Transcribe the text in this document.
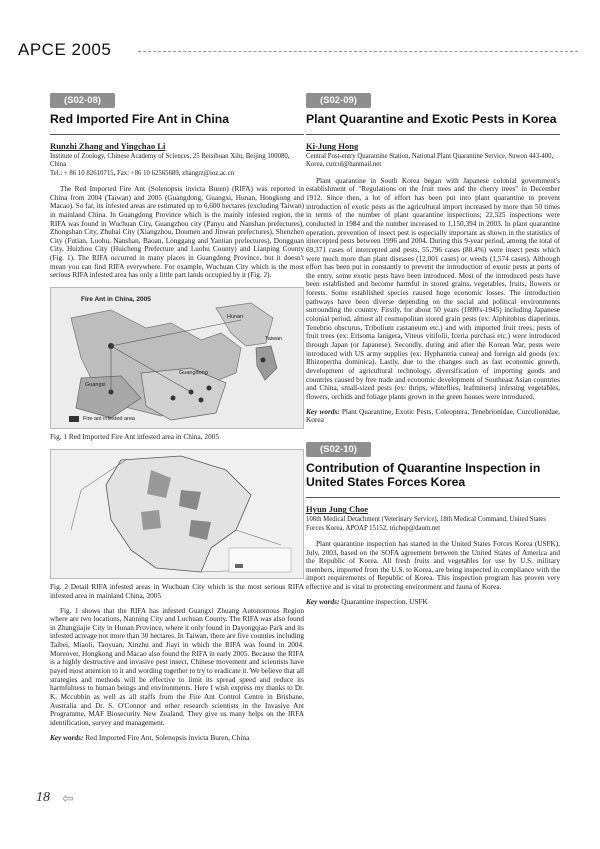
APCE 2005
(S02-08)
Red Imported Fire Ant in China
Runzhi Zhang and Yingchao Li
Institute of Zoology, Chinese Academy of Sciences, 25 Beisihuan Xilu, Beijing 100080, China
Tel.: + 86 10 82610715, Fax: +86 10 62565689, zhangrz@ioz.ac.cn

The Red Imported Fire Ant (Solenopsis invicta Buren) (RIFA) was reported in China from 2004 (Taiwan) and 2005 (Guangdong, Guangxi, Hunan, Hongkong and Macao). So far, its infested areas are estimated up to 6,600 hectares (excluding Taiwan) in mainland China. In Guangdong Province which is the mainly infested region, the RIFA was found in Wuchuan City, Guangzhou city (Panyu and Nanshan prefectures), Zhongshan City, Zhuhai City (Xiangzhou, Doumen and Jinwan prefectures), Shenzhen City (Futian, Luohu, Nanshan, Baoan, Longgang and Yantian prefectures), Dongguan City, Huizhou City (Huicheng Prefecture and Luohu County) and Lianping County (Fig. 1). The RIFA occurred in many places in Guangdong Province, but it doesn't mean you can find RIFA everywhere. For example, Wuchuan City which is the most serious RIFA infested area has only a little part lands occupied by it (Fig. 2).

Fire Ant in China, 2005
Hunan
Taiwan
Guangdong
Guangxi
Fire ant infested area

Fig. 1 Red Imported Fire Ant infested area in China, 2005

Fig. 2 Detail RIFA infested areas in Wuchuan City which is the most serious RIFA infested area in mainland China, 2005

Fig. 1 shows that the RIFA has infested Guangxi Zhuang Autonomous Region where are two locations, Nanning City and Luchuan County. The RIFA was also found in Zhangjiajie City in Hunan Province, where it only found in Dayongqiao Park and its infested acreage not more than 30 hectares. In Taiwan, there are five counties including Taibei, Miaoli, Taoyuan, Xinzhu and Jiayi in which the RIFA was found in 2004. Moreover, Hongkong and Macao also found the RIFA in early 2005. Because the RIFA is a highly destructive and invasive pest insect, Chinese movement and scientists have payed most attention to it and wording together to try to eradicate it. We believe that all strategies and methods will be effective to limit its spread speed and reduce its harmfulness to human beings and environments. Here I wish express my thanks to Dr. K. Mccubbin as well as all staffs from the Fire Ant Control Centre in Brisbane, Australia and Dr. S. O'Connor and other research scientists in the Invasive Ant Programme, MAF Biosecurity New Zealand. They give us many helps on the IRFA identification, survey and management.

Key words: Red Imported Fire Ant, Solenopsis invicta Buren, China

(S02-09)
Plant Quarantine and Exotic Pests in Korea
Ki-Jung Hong
Central Post-entry Quarantine Station, National Plant Quarantine Service, Suwon 443-400, Korea, curcul@hanmail.net

Plant quarantine in South Korea began with Japanese colonial government's establishment of "Regulations on the fruit trees and the cherry trees" in December 1912. Since then, a lot of effort has been put into plant quarantine to prevent introduction of exotic pests as the agricultural import increased by more than 50 times in terms of the number of plant quarantine inspections; 22,525 inspections were conducted in 1984 and the number increased to 1,150,394 in 2003. In plant quarantine operation, prevention of insect pest is especially important as shown in the statistics of intercepted pests between 1996 and 2004. During this 9-year period, among the total of 69,371 cases of intercepted and pests, 55,796 cases (80.4%) were insect pests which were much more than plant diseases (12,001 cases) or weeds (1,574 cases). Although effort has been put in constantly to prevent the introduction of exotic pests at ports of the entry, some exotic pests have been introduced. Most of the introduced pests have been established and become harmful in stored grains, vegetables, fruits, flowers or forests. Some established species caused huge economic losses. The introduction pathways have been diverse depending on the social and political environments surrounding the country. Firstly, for about 50 years (1890's-1945) including Japanese colonial period, almost all cosmopolitan stored grain pests (ex: Alphitobius diaperinus, Tenebrio obscurus, Tribolium castaneum etc.) and with imported fruit trees, pests of fruit trees (ex: Erisoma lanigera, Viteus vitifolii, Iceria purchasi etc.) were introduced through Japan (or Japanese). Secondly, during and after the Korean War, pests were introduced with US army supplies (ex: Hyphantria cunea) and foreign aid goods (ex: Rhizopertha dominica). Lastly, due to the changes such as fast economic growth, development of agricultural technology, diversification of importing goods and countries caused by free trade and economic development of Southeast Asian countries and China, small-sized pests (ex: thrips, whiteflies, leafminers) infesting vegetables, flowers, orchids and foliage plants grown in the green houses were introduced.

Key words: Plant Quarantine, Exotic Pests, Coleoptera, Tenebrionidae, Curculionidae, Korea

(S02-10)
Contribution of Quarantine Inspection in United States Forces Korea
Hyun Jung Choe
106th Medical Detachment (Veterinary Service), 18th Medical Command, United States Forces Korea, APOAP 15152, trichop@daum.net

Plant quarantine inspection has started in the United States Forces Korea (USFK), July, 2003, based on the SOFA agreement between the United States of America and the Republic of Korea. All fresh fruits and vegetables for use by U.S. military members, imported from the U.S. to Korea, are being inspected in compliance with the import requirements of Republic of Korea. This inspection program has proven very effective and is vital to protecting environment and fauna of Korea.

Key words: Quarantine inspection, USFK

18 ⇦
